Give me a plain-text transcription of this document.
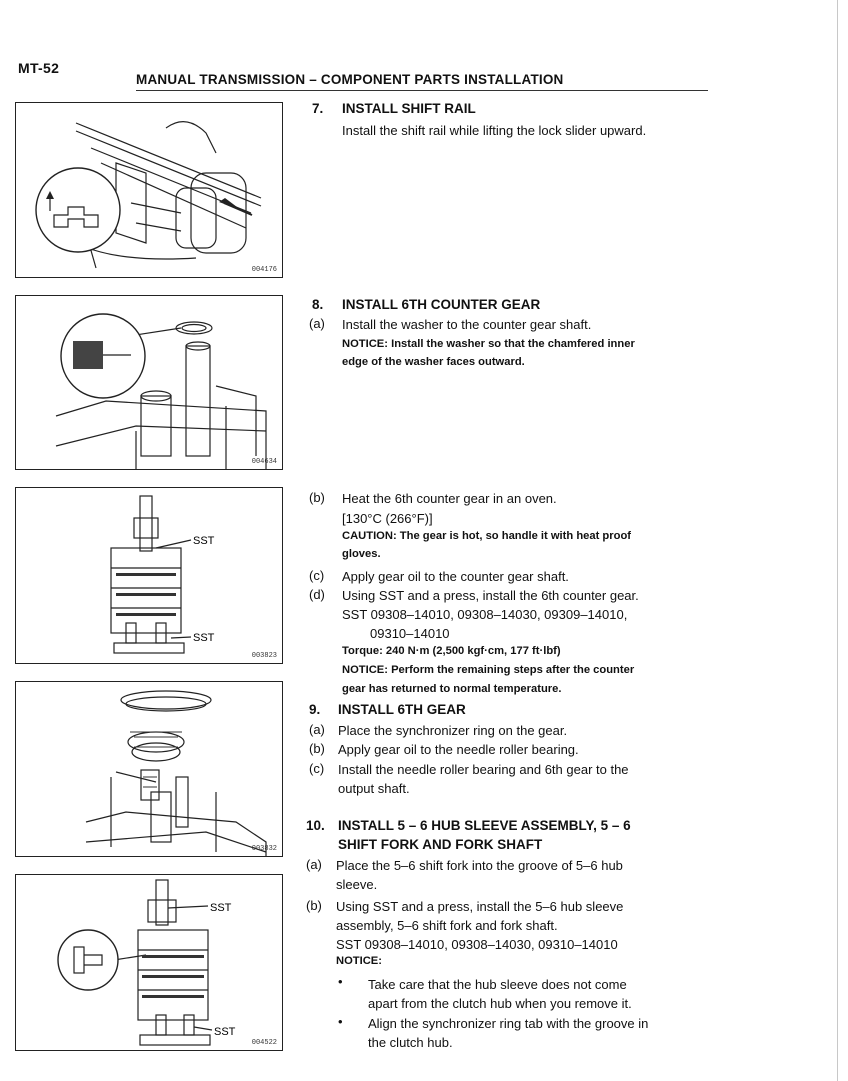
MT-52
MANUAL TRANSMISSION – COMPONENT PARTS INSTALLATION
004176
004634
SST
SST
003823
003832
SST
SST
004522
7. INSTALL SHIFT RAIL
Install the shift rail while lifting the lock slider upward.
8. INSTALL 6TH COUNTER GEAR
(a) Install the washer to the counter gear shaft.
NOTICE: Install the washer so that the chamfered inner
edge of the washer faces outward.
(b) Heat the 6th counter gear in an oven.
[130°C (266°F)]
CAUTION: The gear is hot, so handle it with heat proof
gloves.
(c) Apply gear oil to the counter gear shaft.
(d) Using SST and a press, install the 6th counter gear.
SST 09308–14010, 09308–14030, 09309–14010,
09310–14010
Torque: 240 N·m (2,500 kgf·cm, 177 ft·lbf)
NOTICE: Perform the remaining steps after the counter
gear has returned to normal temperature.
9. INSTALL 6TH GEAR
(a) Place the synchronizer ring on the gear.
(b) Apply gear oil to the needle roller bearing.
(c) Install the needle roller bearing and 6th gear to the
output shaft.
10. INSTALL 5 – 6 HUB SLEEVE ASSEMBLY, 5 – 6
SHIFT FORK AND FORK SHAFT
(a) Place the 5–6 shift fork into the groove of 5–6 hub
sleeve.
(b) Using SST and a press, install the 5–6 hub sleeve
assembly, 5–6 shift fork and fork shaft.
SST 09308–14010, 09308–14030, 09310–14010
NOTICE:
• Take care that the hub sleeve does not come
apart from the clutch hub when you remove it.
• Align the synchronizer ring tab with the groove in
the clutch hub.
